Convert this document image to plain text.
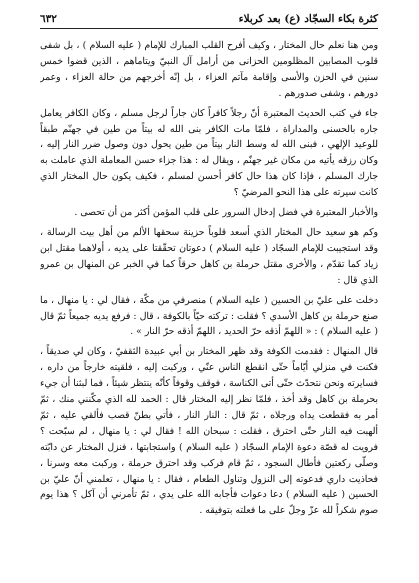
كثرة بكاء السجّاد (ع) بعد كربلاء
٦٣٢

ومن هنا نعلم حال المختار ، وكيف أفرح القلب المبارك للإمام ( عليه السلام ) ، بل شفى قلوب المصابين المظلومين الحزانى من أرامل آل النبيّ ويتاماهم ، الذين قضوا خمس سنين في الحزن والأسى وإقامة مآتم العزاء ، بل إنّه أخرجهم من حالة العزاء ، وعمر دورهم ، وشفى صدورهم .

جاء في كتب الحديث المعتبرة أنّ رجلاً كافراً كان جاراً لرجل مسلم ، وكان الكافر يعامل جاره بالحسنى والمداراة ، فلمّا مات الكافر بنى الله له بيتاً من طين في جهنّم طبقاً للوعيد الإلهي ، فبنى الله له وسط النار بيتاً من طين يحول دون وصول ضرر النار إليه ، وكان رزقه يأتيه من مكان غير جهنّم ، ويقال له : هذا جزاء حسن المعاملة الذي عاملت به جارك المسلم ، فإذا كان هذا حال كافر أحسن لمسلم ، فكيف يكون حال المختار الذي كانت سيرته على هذا النحو المرضيّ ؟

والأخبار المعتبرة في فضل إدخال السرور على قلب المؤمن أكثر من أن تحصى .

وكم هو سعيد حال المختار الذي أسعد قلوباً حزينة سحقها الألم من أهل بيت الرسالة ، وقد استجيبت للإمام السجّاد ( عليه السلام ) دعوتان تحقّقتا على يديه ، أولاهما مقتل ابن زياد كما تقدّم ، والأخرى مقتل حرملة بن كاهل حرقاً كما في الخبر عن المنهال بن عمرو الذي قال :

دخلت على عليّ بن الحسين ( عليه السلام ) منصرفي من مكّة ، فقال لي : يا منهال ، ما صنع حرملة بن كاهل الأسدي ؟ فقلت : تركته حيّاً بالكوفة ، قال : فرفع يديه جميعاً ثمّ قال ( عليه السلام ) : « اللهمّ أذقه حرّ الحديد ، اللهمّ أذقه حرّ النار » .

قال المنهال : فقدمت الكوفة وقد ظهر المختار بن أبي عبيدة الثقفيّ ، وكان لي صديقاً ، فكنت في منزلي أيّاماً حتّى انقطع الناس عنّي ، وركبت إليه ، فلقيته خارجاً من داره ، فسايرته ونحن نتحدّث حتّى أتى الكناسة ، فوقف وقوفاً كأنّه ينتظر شيئاً ، فما لبثنا أن جيء بحرملة بن كاهل وقد أخذ ، فلمّا نظر إليه المختار قال : الحمد لله الذي مكّنني منك ، ثمّ أمر به فقطعت يداه ورجلاه ، ثمّ قال : النار النار ، فأتي بطنّ قصب فألقي عليه ، ثمّ ألهبت فيه النار حتّى احترق ، فقلت : سبحان الله ! فقال لي : يا منهال ، لم سبّحت ؟ فرويت له قصّة دعوة الإمام السجّاد ( عليه السلام ) واستجابتها ، فنزل المختار عن دابّته وصلّى ركعتين فأطال السجود ، ثمّ قام فركب وقد احترق حرملة ، وركبت معه وسرنا ، فحاذيت داري فدعوته إلى النزول وتناول الطعام ، فقال : يا منهال ، تعلمني أنّ عليّ بن الحسين ( عليه السلام ) دعا دعوات فأجابه الله على يدي ، ثمّ تأمرني أن آكل ؟ هذا يوم صوم شكراً لله عزّ وجلّ على ما فعلته بتوفيقه .
